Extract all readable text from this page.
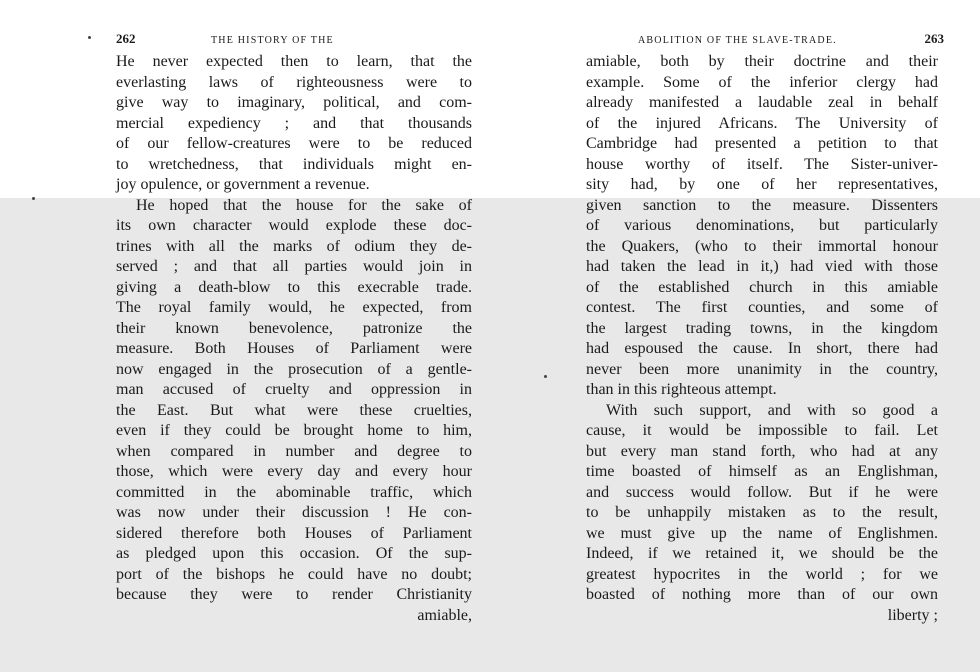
262	THE HISTORY OF THE
He never expected then to learn, that the
everlasting laws of righteousness were to
give way to imaginary, political, and com-
mercial expediency ; and that thousands
of our fellow-creatures were to be reduced
to wretchedness, that individuals might en-
joy opulence, or government a revenue.
He hoped that the house for the sake of
its own character would explode these doc-
trines with all the marks of odium they de-
served ; and that all parties would join in
giving a death-blow to this execrable trade.
The royal family would, he expected, from
their known benevolence, patronize the
measure. Both Houses of Parliament were
now engaged in the prosecution of a gentle-
man accused of cruelty and oppression in
the East. But what were these cruelties,
even if they could be brought home to him,
when compared in number and degree to
those, which were every day and every hour
committed in the abominable traffic, which
was now under their discussion ! He con-
sidered therefore both Houses of Parliament
as pledged upon this occasion. Of the sup-
port of the bishops he could have no doubt;
because they were to render Christianity
amiable,
ABOLITION OF THE SLAVE-TRADE.	263
amiable, both by their doctrine and their
example. Some of the inferior clergy had
already manifested a laudable zeal in behalf
of the injured Africans. The University of
Cambridge had presented a petition to that
house worthy of itself. The Sister-univer-
sity had, by one of her representatives,
given sanction to the measure. Dissenters
of various denominations, but particularly
the Quakers, (who to their immortal honour
had taken the lead in it,) had vied with those
of the established church in this amiable
contest. The first counties, and some of
the largest trading towns, in the kingdom
had espoused the cause. In short, there had
never been more unanimity in the country,
than in this righteous attempt.
With such support, and with so good a
cause, it would be impossible to fail. Let
but every man stand forth, who had at any
time boasted of himself as an Englishman,
and success would follow. But if he were
to be unhappily mistaken as to the result,
we must give up the name of Englishmen.
Indeed, if we retained it, we should be the
greatest hypocrites in the world ; for we
boasted of nothing more than of our own
liberty ;
